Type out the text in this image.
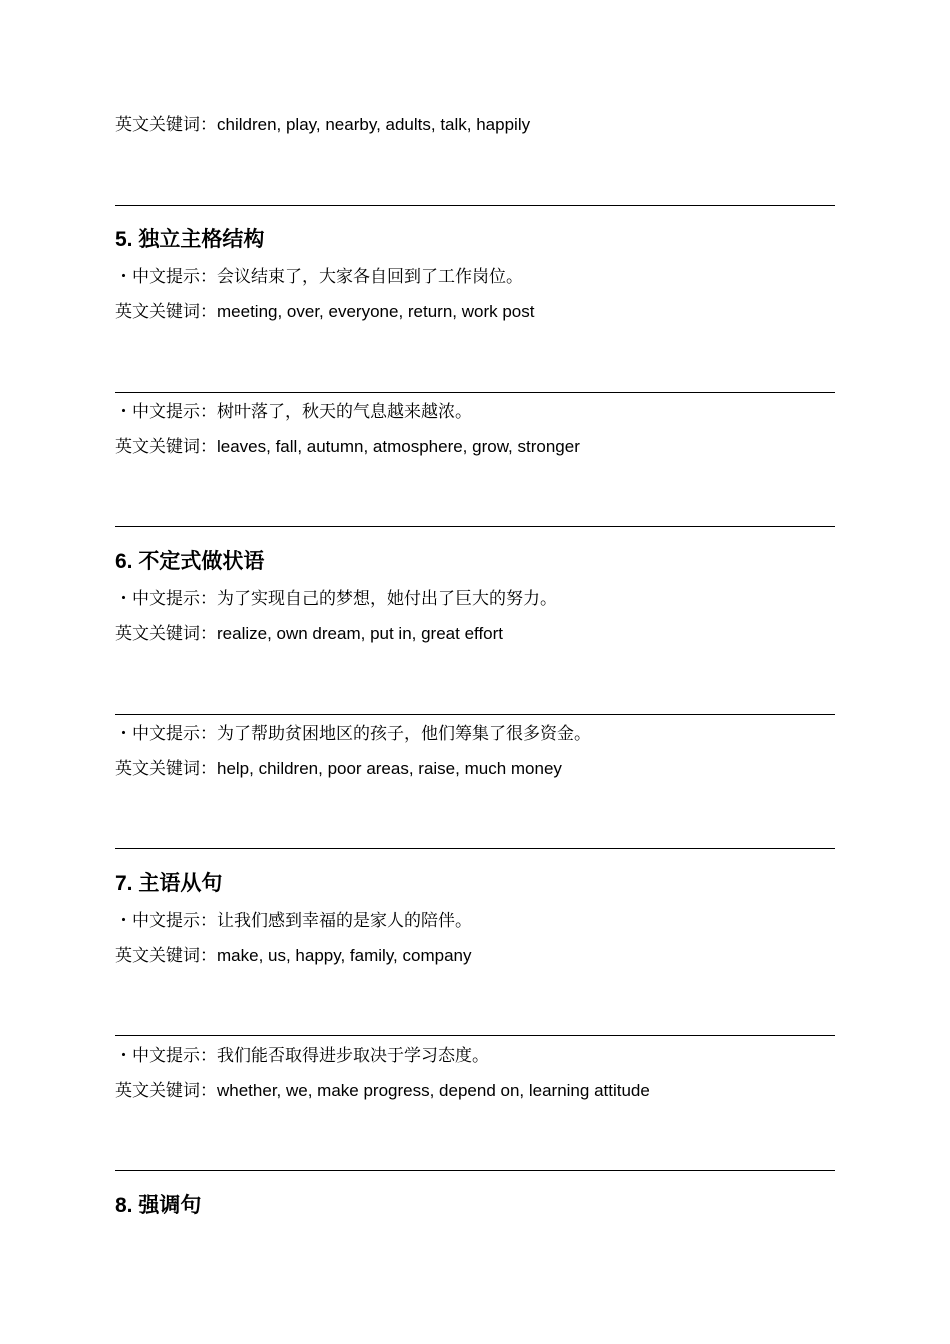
英文关键词：children, play, nearby, adults, talk, happily
5. 独立主格结构
・中文提示：会议结束了，大家各自回到了工作岗位。
英文关键词：meeting, over, everyone, return, work post
・中文提示：树叶落了，秋天的气息越来越浓。
英文关键词：leaves, fall, autumn, atmosphere, grow, stronger
6. 不定式做状语
・中文提示：为了实现自己的梦想，她付出了巨大的努力。
英文关键词：realize, own dream, put in, great effort
・中文提示：为了帮助贫困地区的孩子，他们筹集了很多资金。
英文关键词：help, children, poor areas, raise, much money
7. 主语从句
・中文提示：让我们感到幸福的是家人的陪伴。
英文关键词：make, us, happy, family, company
・中文提示：我们能否取得进步取决于学习态度。
英文关键词：whether, we, make progress, depend on, learning attitude
8. 强调句
